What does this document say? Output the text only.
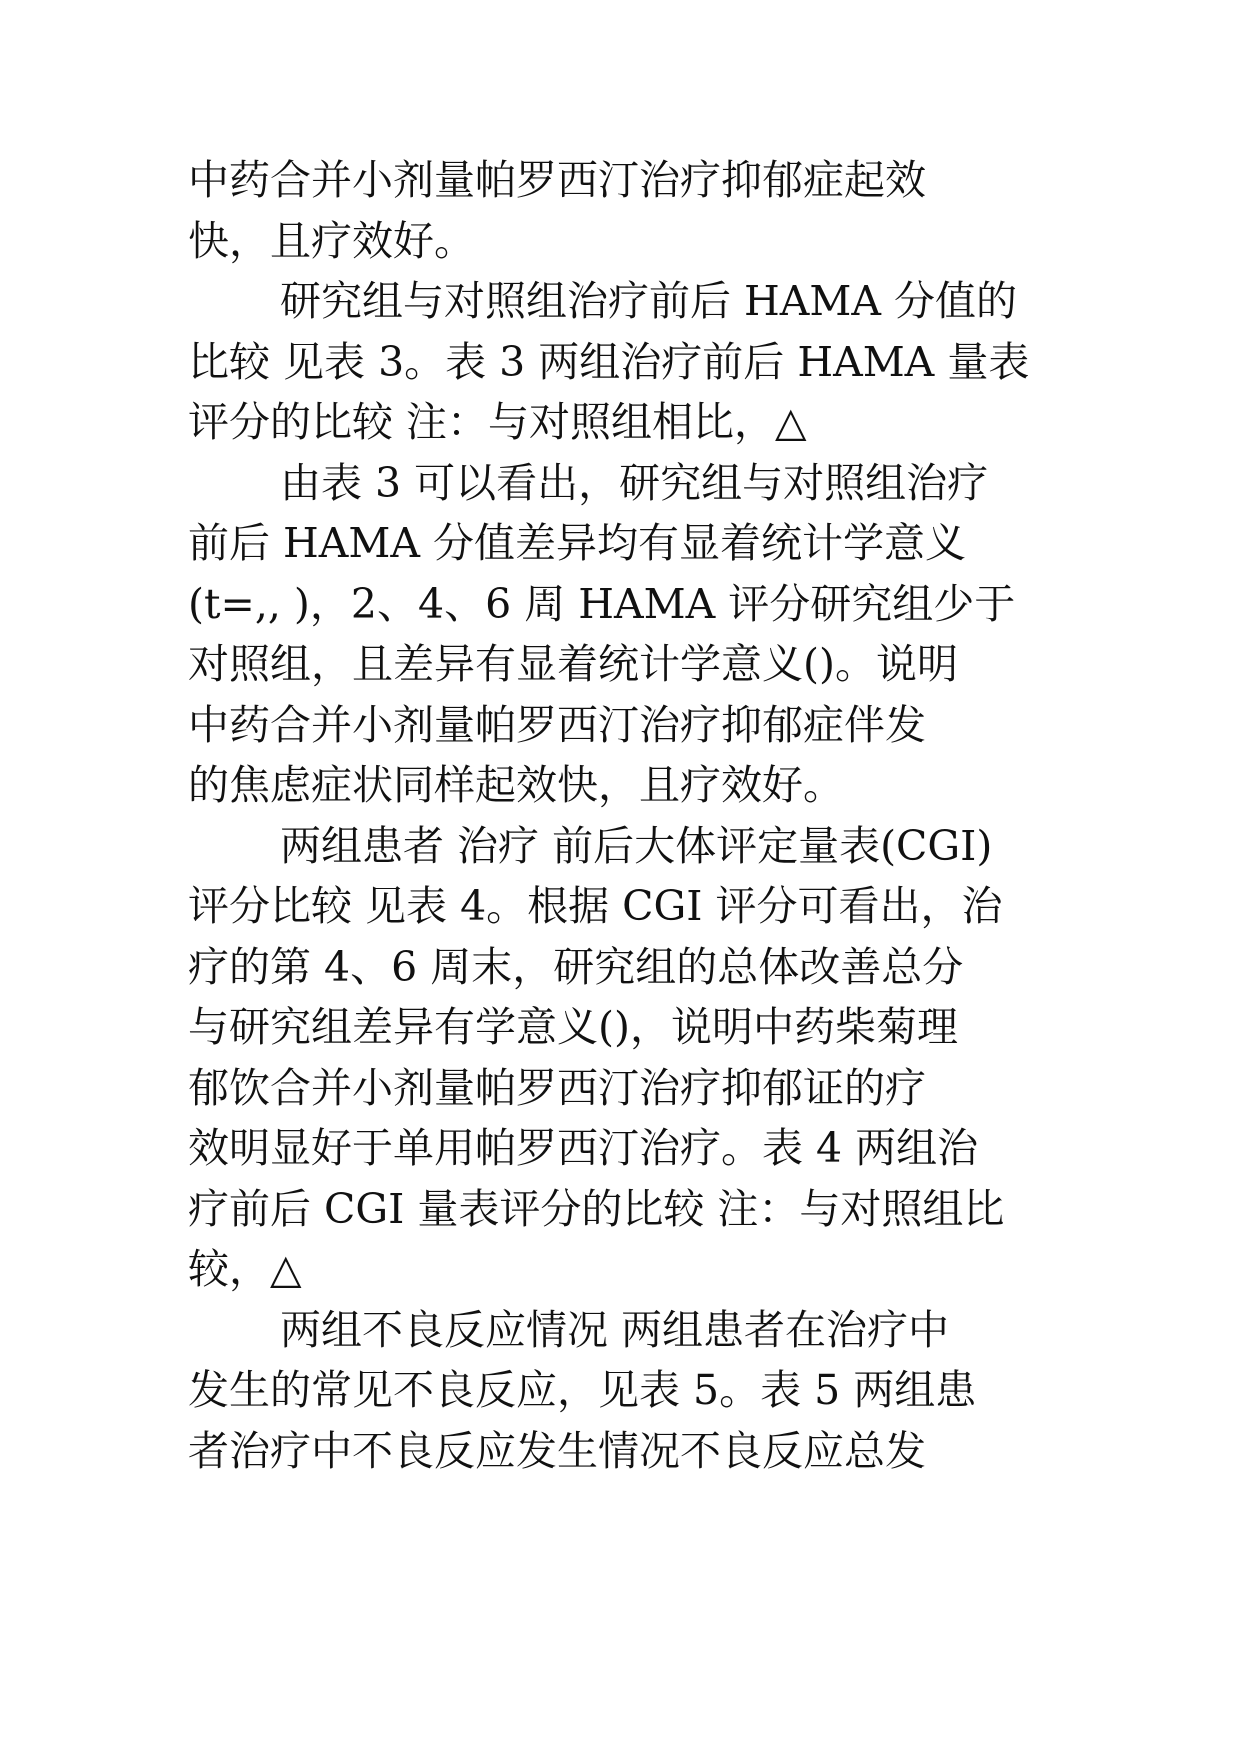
中药合并小剂量帕罗西汀治疗抑郁症起效
快，且疗效好。
研究组与对照组治疗前后 HAMA 分值的
比较 见表 3。表 3 两组治疗前后 HAMA 量表
评分的比较 注：与对照组相比，△
由表 3 可以看出，研究组与对照组治疗
前后 HAMA 分值差异均有显着统计学意义
(t=,, )，2、4、6 周 HAMA 评分研究组少于
对照组，且差异有显着统计学意义()。说明
中药合并小剂量帕罗西汀治疗抑郁症伴发
的焦虑症状同样起效快，且疗效好。
两组患者 治疗 前后大体评定量表(CGI)
评分比较 见表 4。根据 CGI 评分可看出，治
疗的第 4、6 周末，研究组的总体改善总分
与研究组差异有学意义()，说明中药柴菊理
郁饮合并小剂量帕罗西汀治疗抑郁证的疗
效明显好于单用帕罗西汀治疗。表 4 两组治
疗前后 CGI 量表评分的比较 注：与对照组比
较，△
两组不良反应情况 两组患者在治疗中
发生的常见不良反应，见表 5。表 5 两组患
者治疗中不良反应发生情况不良反应总发
